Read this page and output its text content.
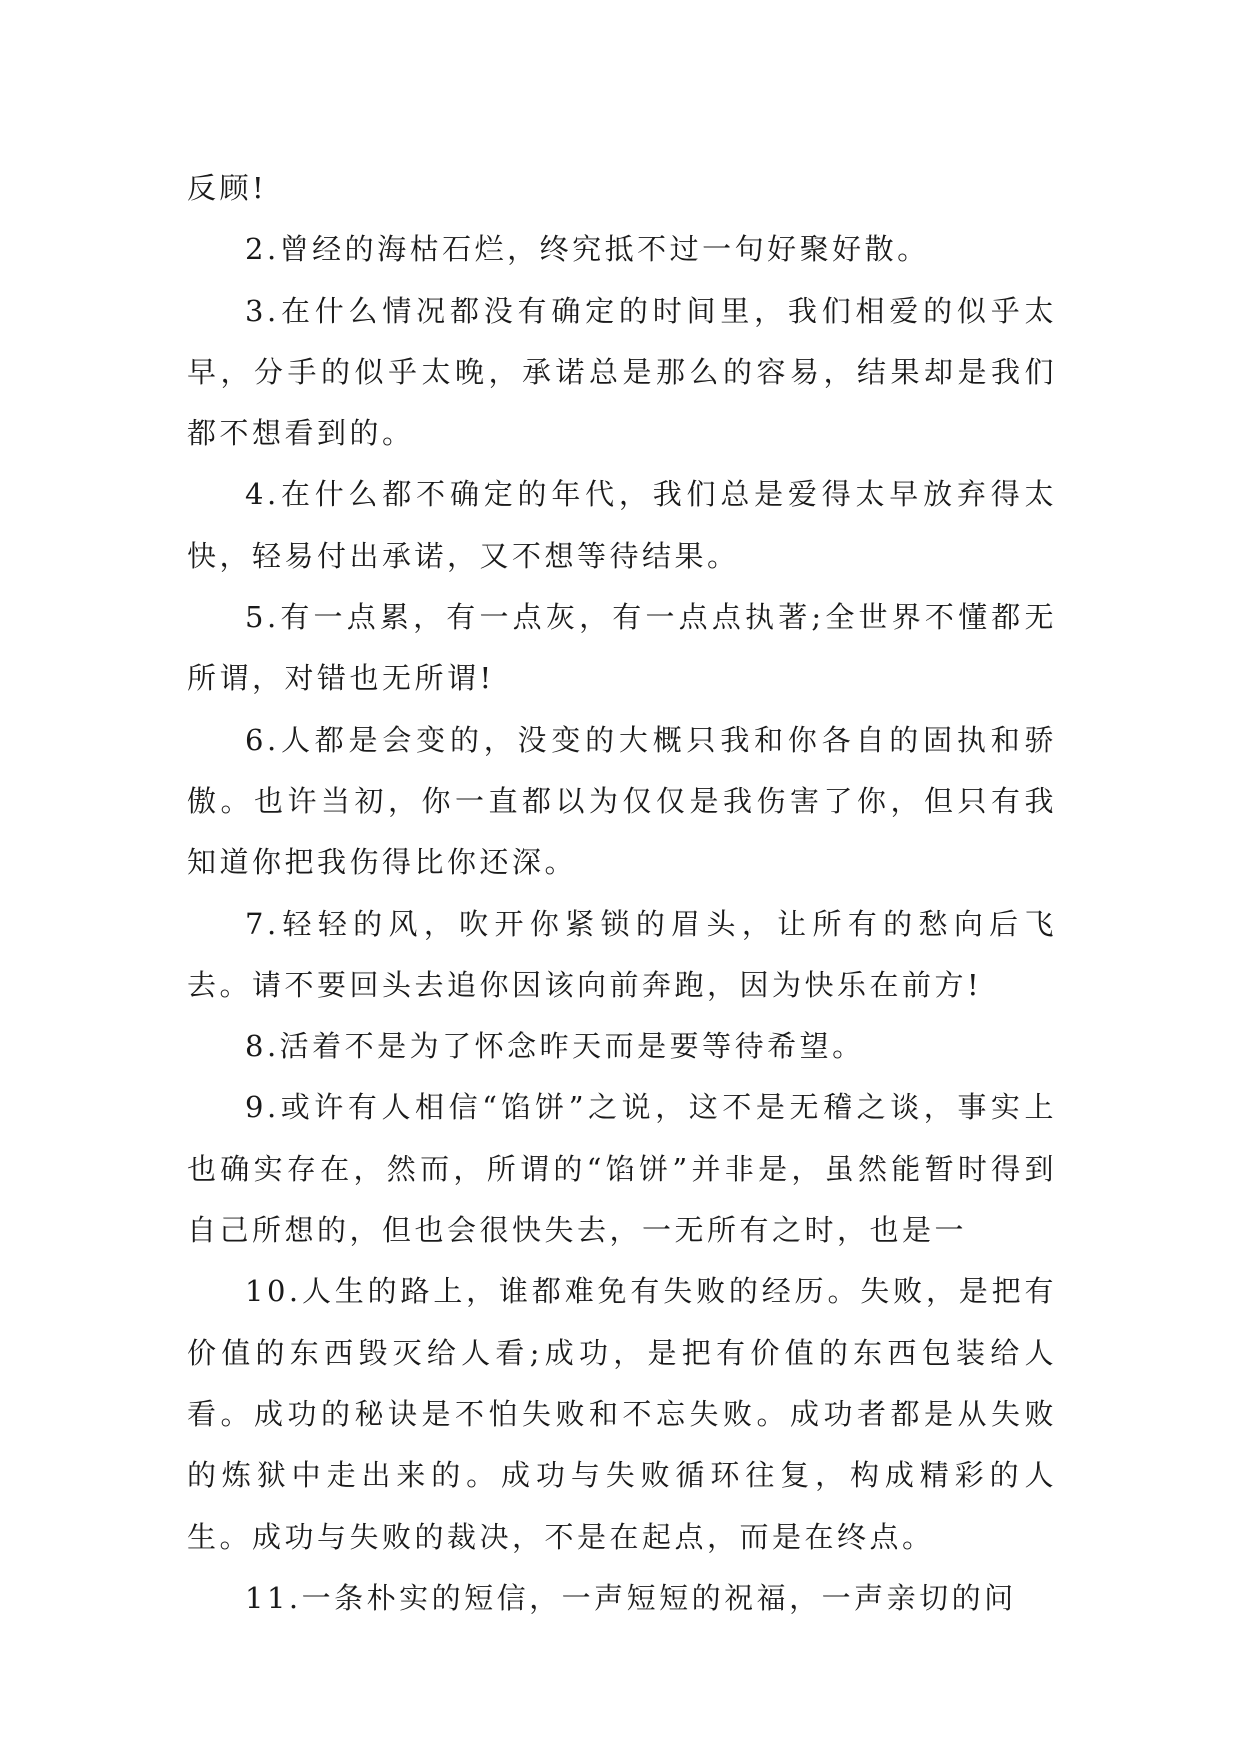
反顾!

2.曾经的海枯石烂，终究抵不过一句好聚好散。

3.在什么情况都没有确定的时间里，我们相爱的似乎太早，分手的似乎太晚，承诺总是那么的容易，结果却是我们都不想看到的。

4.在什么都不确定的年代，我们总是爱得太早放弃得太快，轻易付出承诺，又不想等待结果。

5.有一点累，有一点灰，有一点点执著;全世界不懂都无所谓，对错也无所谓!

6.人都是会变的，没变的大概只我和你各自的固执和骄傲。也许当初，你一直都以为仅仅是我伤害了你，但只有我知道你把我伤得比你还深。

7.轻轻的风，吹开你紧锁的眉头，让所有的愁向后飞去。请不要回头去追你因该向前奔跑，因为快乐在前方!

8.活着不是为了怀念昨天而是要等待希望。

9.或许有人相信“馅饼”之说，这不是无稽之谈，事实上也确实存在，然而，所谓的“馅饼”并非是，虽然能暂时得到自己所想的，但也会很快失去，一无所有之时，也是一

10.人生的路上，谁都难免有失败的经历。失败，是把有价值的东西毁灭给人看;成功，是把有价值的东西包装给人看。成功的秘诀是不怕失败和不忘失败。成功者都是从失败的炼狱中走出来的。成功与失败循环往复，构成精彩的人生。成功与失败的裁决，不是在起点，而是在终点。

11.一条朴实的短信，一声短短的祝福，一声亲切的问
